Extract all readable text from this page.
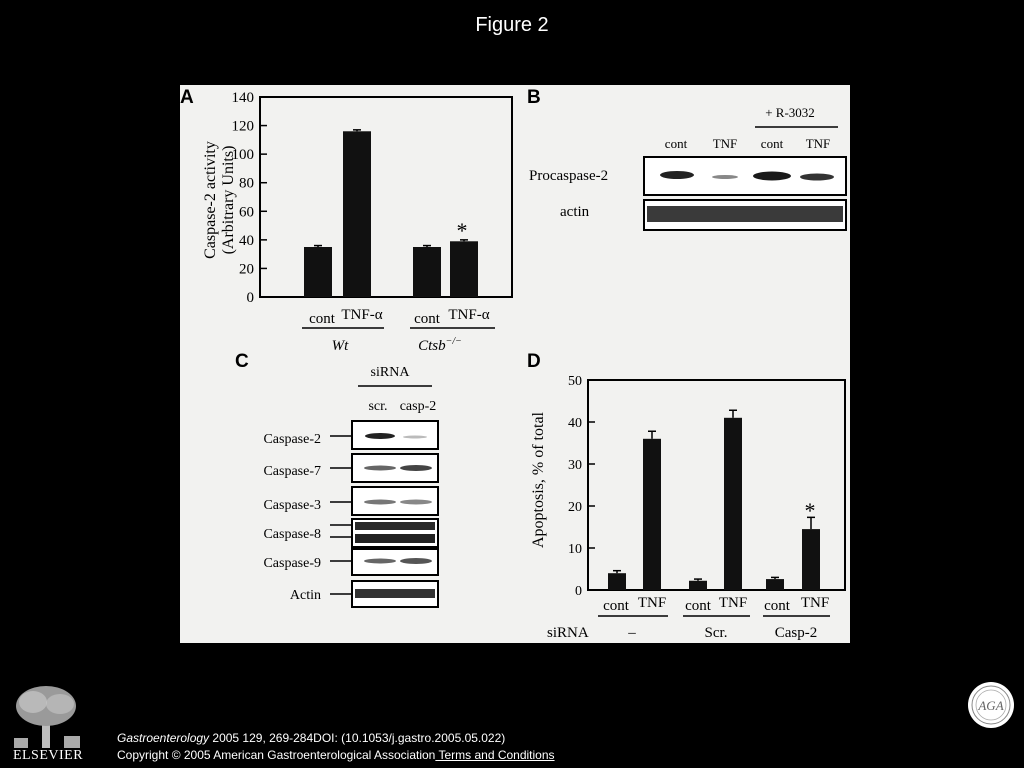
Figure 2
A
Caspase-2 activity (Arbitrary Units)
0
20
40
60
80
100
120
140
*
cont TNF-α cont TNF-α
Wt	Ctsb−/−
B
+ R-3032
cont TNF cont TNF
Procaspase-2
actin
C
siRNA
scr. casp-2
Caspase-2
Caspase-7
Caspase-3
Caspase-8
Caspase-9
Actin
D
Apoptosis, % of total
0
10
20
30
40
50
*
cont TNF cont TNF cont TNF
siRNA	–	Scr.	Casp-2
ELSEVIER
AGA
Gastroenterology 2005 129, 269-284DOI: (10.1053/j.gastro.2005.05.022)
Copyright © 2005 American Gastroenterological Association Terms and Conditions
